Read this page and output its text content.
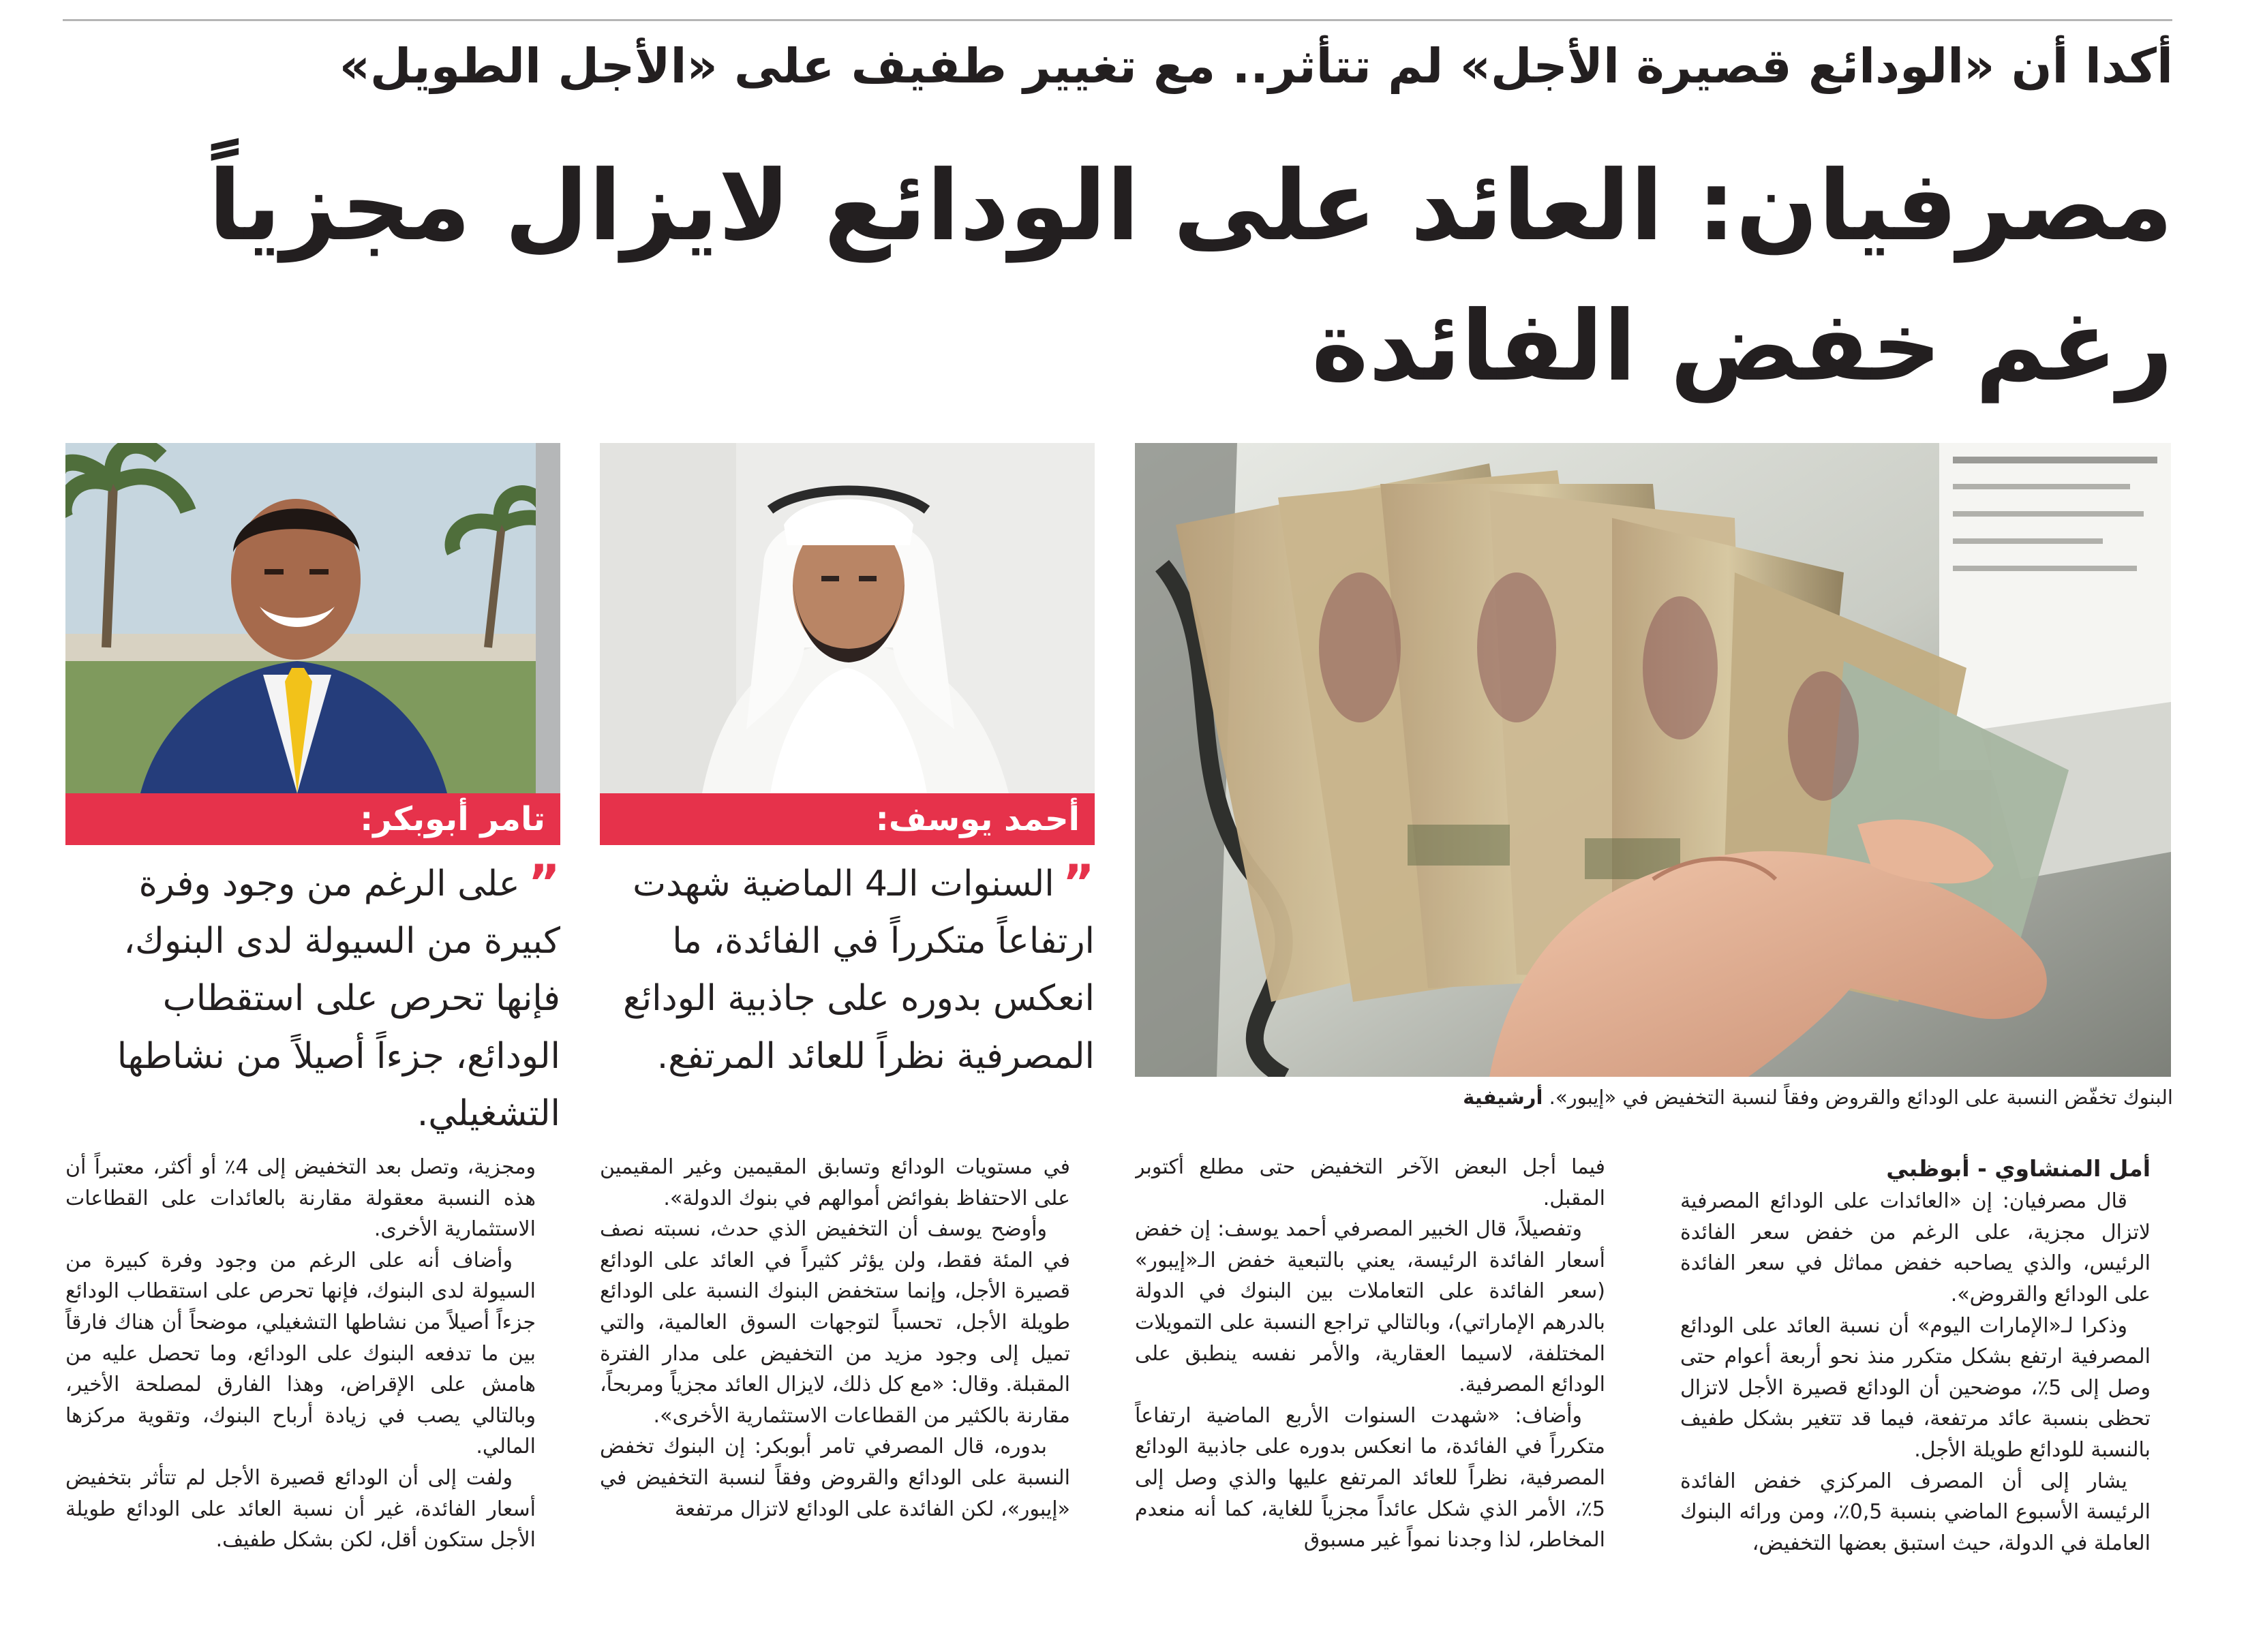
أكدا أن «الودائع قصيرة الأجل» لم تتأثر.. مع تغيير طفيف على «الأجل الطويل»
مصرفيان: العائد على الودائع لايزال مجزياً
رغم خفض الفائدة
البنوك تخفّض النسبة على الودائع والقروض وفقاً لنسبة التخفيض في «إيبور». أرشيفية
أحمد يوسف:
”السنوات الـ4 الماضية شهدت ارتفاعاً متكرراً في الفائدة، ما انعكس بدوره على جاذبية الودائع المصرفية نظراً للعائد المرتفع.
تامر أبوبكر:
”على الرغم من وجود وفرة كبيرة من السيولة لدى البنوك، فإنها تحرص على استقطاب الودائع، جزءاً أصيلاً من نشاطها التشغيلي.

أمل المنشاوي - أبوظبي

قال مصرفيان: إن «العائدات على الودائع المصرفية لاتزال مجزية، على الرغم من خفض سعر الفائدة الرئيس، والذي يصاحبه خفض مماثل في سعر الفائدة على الودائع والقروض».

وذكرا لـ«الإمارات اليوم» أن نسبة العائد على الودائع المصرفية ارتفع بشكل متكرر منذ نحو أربعة أعوام حتى وصل إلى 5٪، موضحين أن الودائع قصيرة الأجل لاتزال تحظى بنسبة عائد مرتفعة، فيما قد تتغير بشكل طفيف بالنسبة للودائع طويلة الأجل.

يشار إلى أن المصرف المركزي خفض الفائدة الرئيسة الأسبوع الماضي بنسبة 0,5٪، ومن ورائه البنوك العاملة في الدولة، حيث استبق بعضها التخفيض،

فيما أجل البعض الآخر التخفيض حتى مطلع أكتوبر المقبل.

وتفصيلاً، قال الخبير المصرفي أحمد يوسف: إن خفض أسعار الفائدة الرئيسة، يعني بالتبعية خفض الـ«إيبور» (سعر الفائدة على التعاملات بين البنوك في الدولة بالدرهم الإماراتي)، وبالتالي تراجع النسبة على التمويلات المختلفة، لاسيما العقارية، والأمر نفسه ينطبق على الودائع المصرفية.

وأضاف: «شهدت السنوات الأربع الماضية ارتفاعاً متكرراً في الفائدة، ما انعكس بدوره على جاذبية الودائع المصرفية، نظراً للعائد المرتفع عليها والذي وصل إلى 5٪، الأمر الذي شكل عائداً مجزياً للغاية، كما أنه منعدم المخاطر، لذا وجدنا نمواً غير مسبوق

في مستويات الودائع وتسابق المقيمين وغير المقيمين على الاحتفاظ بفوائض أموالهم في بنوك الدولة».

وأوضح يوسف أن التخفيض الذي حدث، نسبته نصف في المئة فقط، ولن يؤثر كثيراً في العائد على الودائع قصيرة الأجل، وإنما ستخفض البنوك النسبة على الودائع طويلة الأجل، تحسباً لتوجهات السوق العالمية، والتي تميل إلى وجود مزيد من التخفيض على مدار الفترة المقبلة. وقال: «مع كل ذلك، لايزال العائد مجزياً ومربحاً، مقارنة بالكثير من القطاعات الاستثمارية الأخرى».

بدوره، قال المصرفي تامر أبوبكر: إن البنوك تخفض النسبة على الودائع والقروض وفقاً لنسبة التخفيض في «إيبور»، لكن الفائدة على الودائع لاتزال مرتفعة

ومجزية، وتصل بعد التخفيض إلى 4٪ أو أكثر، معتبراً أن هذه النسبة معقولة مقارنة بالعائدات على القطاعات الاستثمارية الأخرى.

وأضاف أنه على الرغم من وجود وفرة كبيرة من السيولة لدى البنوك، فإنها تحرص على استقطاب الودائع جزءاً أصيلاً من نشاطها التشغيلي، موضحاً أن هناك فارقاً بين ما تدفعه البنوك على الودائع، وما تحصل عليه من هامش على الإقراض، وهذا الفارق لمصلحة الأخير، وبالتالي يصب في زيادة أرباح البنوك، وتقوية مركزها المالي.

ولفت إلى أن الودائع قصيرة الأجل لم تتأثر بتخفيض أسعار الفائدة، غير أن نسبة العائد على الودائع طويلة الأجل ستكون أقل، لكن بشكل طفيف.
